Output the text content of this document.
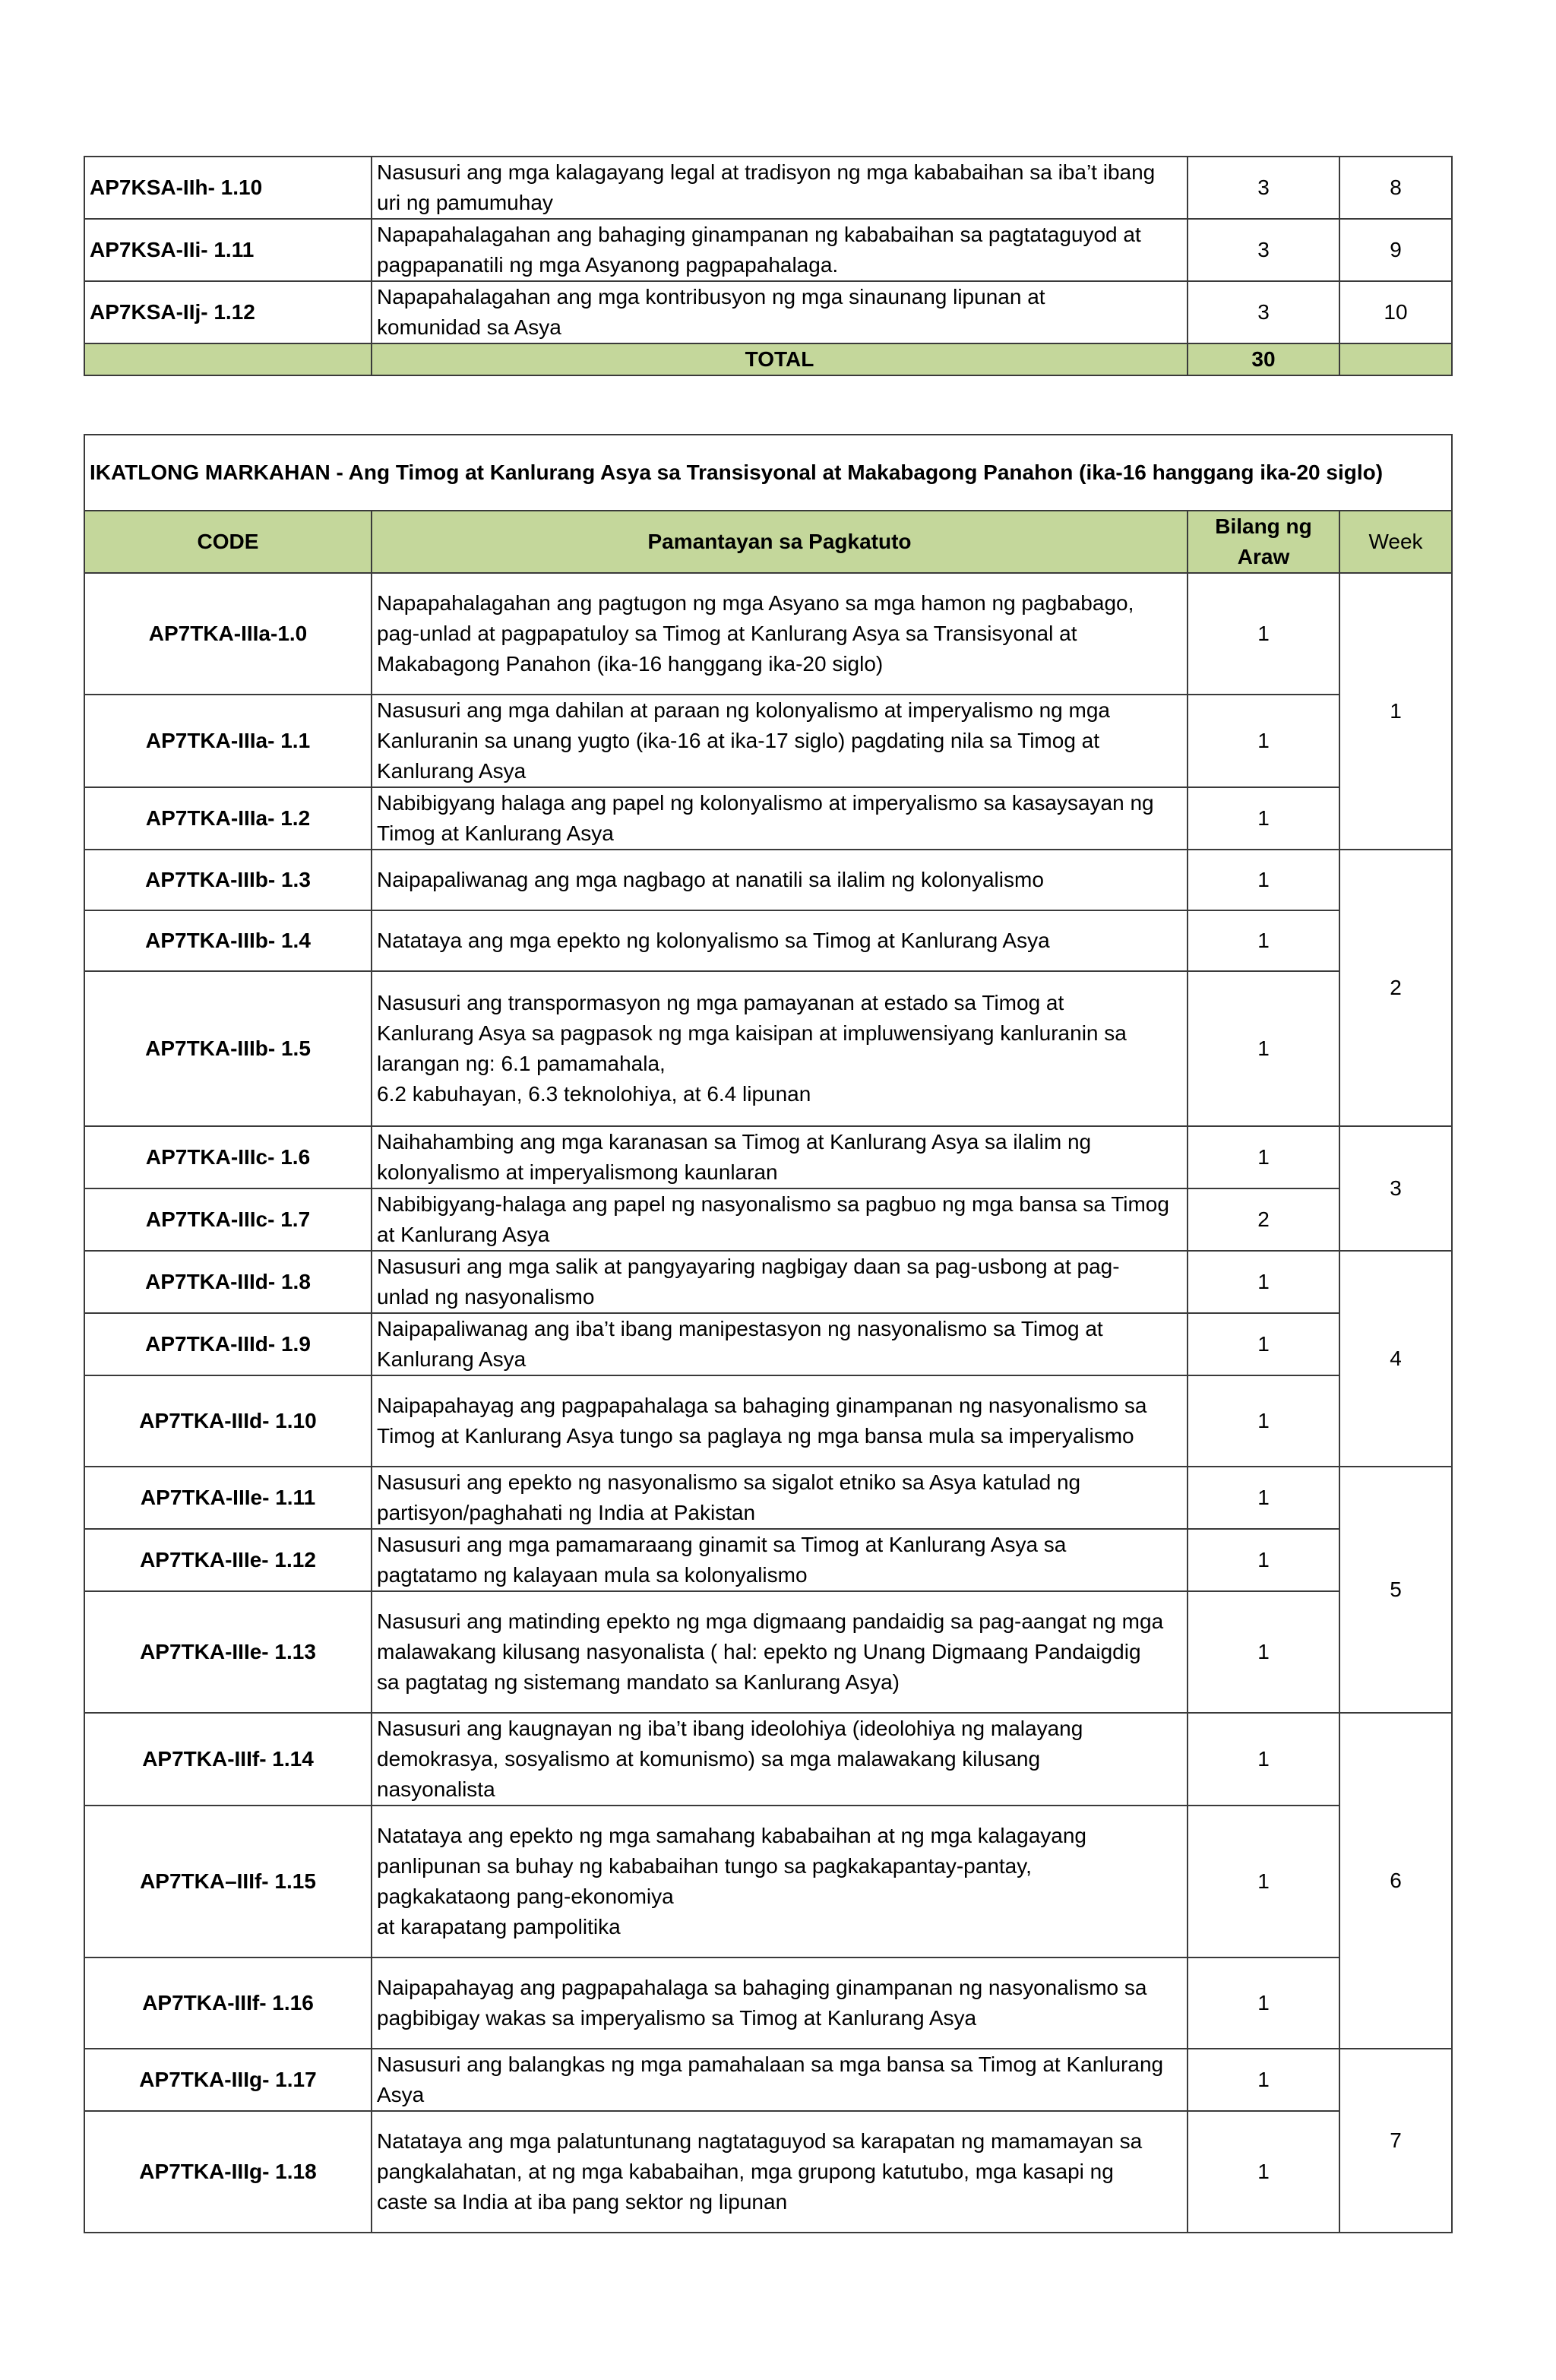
AP7KSA-IIh- 1.10	Nasusuri ang mga kalagayang legal at tradisyon ng mga kababaihan sa iba’t ibang
uri ng pamumuhay	3	8
AP7KSA-IIi- 1.11	Napapahalagahan ang bahaging ginampanan ng kababaihan sa pagtataguyod at
pagpapanatili ng mga Asyanong pagpapahalaga.	3	9
AP7KSA-IIj- 1.12	Napapahalagahan ang mga kontribusyon ng mga sinaunang lipunan at
komunidad sa Asya	3	10
	TOTAL	30	
IKATLONG MARKAHAN - Ang Timog at Kanlurang Asya sa Transisyonal at Makabagong Panahon (ika-16 hanggang ika-20 siglo)			
CODE	Pamantayan sa Pagkatuto	Bilang ng
Araw	Week
AP7TKA-IIIa-1.0	Napapahalagahan ang pagtugon ng mga Asyano sa mga hamon ng pagbabago,
pag-unlad at pagpapatuloy sa Timog at Kanlurang Asya sa Transisyonal at
Makabagong Panahon (ika-16 hanggang ika-20 siglo)	1	1
AP7TKA-IIIa- 1.1	Nasusuri ang mga dahilan at paraan ng kolonyalismo at imperyalismo ng mga
Kanluranin sa unang yugto (ika-16 at ika-17 siglo) pagdating nila sa Timog at
Kanlurang Asya	1	
AP7TKA-IIIa- 1.2	Nabibigyang halaga ang papel ng kolonyalismo at imperyalismo sa kasaysayan ng
Timog at Kanlurang Asya	1	
AP7TKA-IIIb- 1.3	Naipapaliwanag ang mga nagbago at nanatili sa ilalim ng kolonyalismo	1	2
AP7TKA-IIIb- 1.4	Natataya ang mga epekto ng kolonyalismo sa Timog at Kanlurang Asya	1	
AP7TKA-IIIb- 1.5	Nasusuri ang transpormasyon ng mga pamayanan at estado sa Timog at
Kanlurang Asya sa pagpasok ng mga kaisipan at impluwensiyang kanluranin sa
larangan ng: 6.1 pamamahala,
6.2 kabuhayan, 6.3 teknolohiya, at 6.4 lipunan	1	
AP7TKA-IIIc- 1.6	Naihahambing ang mga karanasan sa Timog at Kanlurang Asya sa ilalim ng
kolonyalismo at imperyalismong kaunlaran	1	3
AP7TKA-IIIc- 1.7	Nabibigyang-halaga ang papel ng nasyonalismo sa pagbuo ng mga bansa sa Timog
at Kanlurang Asya	2	
AP7TKA-IIId- 1.8	Nasusuri ang mga salik at pangyayaring nagbigay daan sa pag-usbong at pag-
unlad ng nasyonalismo	1	4
AP7TKA-IIId- 1.9	Naipapaliwanag ang iba’t ibang manipestasyon ng nasyonalismo sa Timog at
Kanlurang Asya	1	
AP7TKA-IIId- 1.10	Naipapahayag ang pagpapahalaga sa bahaging ginampanan ng nasyonalismo sa
Timog at Kanlurang Asya tungo sa paglaya ng mga bansa mula sa imperyalismo	1	
AP7TKA-IIIe- 1.11	Nasusuri ang epekto ng nasyonalismo sa sigalot etniko sa Asya katulad ng
partisyon/paghahati ng India at Pakistan	1	5
AP7TKA-IIIe- 1.12	Nasusuri ang mga pamamaraang ginamit sa Timog at Kanlurang Asya sa
pagtatamo ng kalayaan mula sa kolonyalismo	1	
AP7TKA-IIIe- 1.13	Nasusuri ang matinding epekto ng mga digmaang pandaidig sa pag-aangat ng mga
malawakang kilusang nasyonalista ( hal: epekto ng Unang Digmaang Pandaigdig
sa pagtatag ng sistemang mandato sa Kanlurang Asya)	1	
AP7TKA-IIIf- 1.14	Nasusuri ang kaugnayan ng iba’t ibang ideolohiya (ideolohiya ng malayang
demokrasya, sosyalismo at komunismo) sa mga malawakang kilusang
nasyonalista	1	6
AP7TKA–IIIf- 1.15	Natataya ang epekto ng mga samahang kababaihan at ng mga kalagayang
panlipunan sa buhay ng kababaihan tungo sa pagkakapantay-pantay,
pagkakataong pang-ekonomiya
at karapatang pampolitika	1	
AP7TKA-IIIf- 1.16	Naipapahayag ang pagpapahalaga sa bahaging ginampanan ng nasyonalismo sa
pagbibigay wakas sa imperyalismo sa Timog at Kanlurang Asya	1	
AP7TKA-IIIg- 1.17	Nasusuri ang balangkas ng mga pamahalaan sa mga bansa sa Timog at Kanlurang
Asya	1	7
AP7TKA-IIIg- 1.18	Natataya ang mga palatuntunang nagtataguyod sa karapatan ng mamamayan sa
pangkalahatan, at ng mga kababaihan, mga grupong katutubo, mga kasapi ng
caste sa India at iba pang sektor ng lipunan	1	
